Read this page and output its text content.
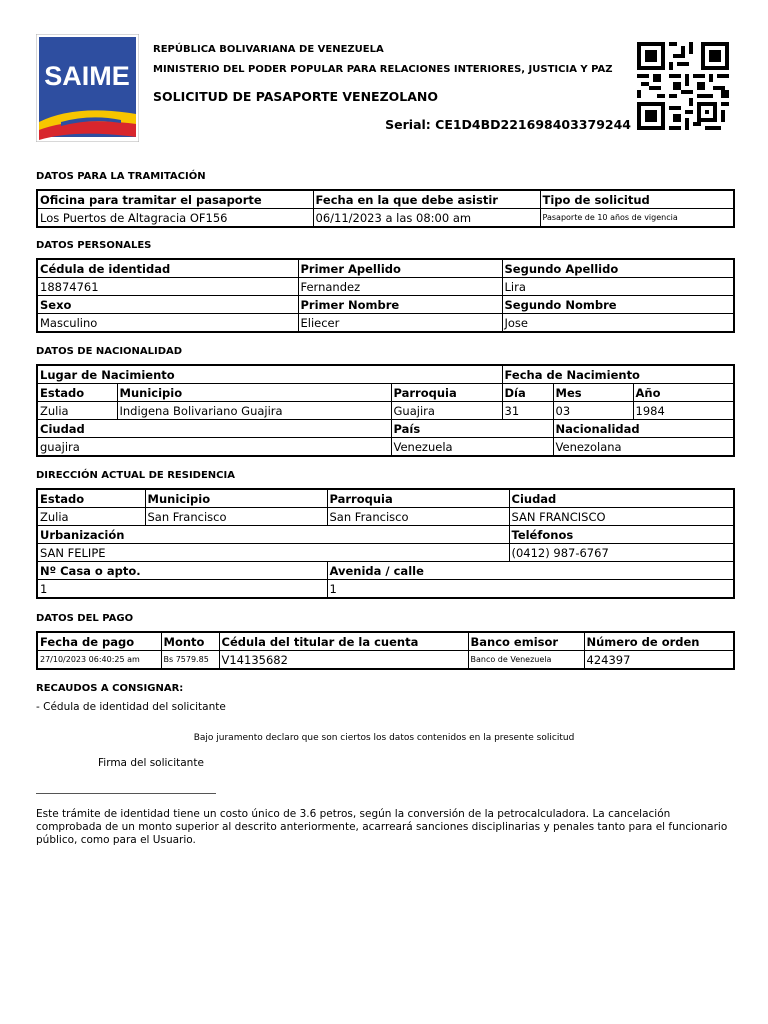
SAIME
REPÚBLICA BOLIVARIANA DE VENEZUELA
MINISTERIO DEL PODER POPULAR PARA RELACIONES INTERIORES, JUSTICIA Y PAZ
SOLICITUD DE PASAPORTE VENEZOLANO
Serial: CE1D4BD221698403379244
DATOS PARA LA TRAMITACIÓN
Oficina para tramitar el pasaporte	Fecha en la que debe asistir	Tipo de solicitud
Los Puertos de Altagracia OF156	06/11/2023 a las 08:00 am	Pasaporte de 10 años de vigencia
DATOS PERSONALES
Cédula de identidad	Primer Apellido	Segundo Apellido
18874761	Fernandez	Lira
Sexo	Primer Nombre	Segundo Nombre
Masculino	Eliecer	Jose
DATOS DE NACIONALIDAD
Lugar de Nacimiento			Fecha de Nacimiento		
Estado	Municipio	Parroquia	Día	Mes	Año
Zulia	Indigena Bolivariano Guajira	Guajira	31	03	1984
Ciudad		País		Nacionalidad	
guajira		Venezuela		Venezolana	
DIRECCIÓN ACTUAL DE RESIDENCIA
Estado	Municipio	Parroquia	Ciudad
Zulia	San Francisco	San Francisco	SAN FRANCISCO
Urbanización			Teléfonos
SAN FELIPE			(0412) 987-6767
Nº Casa o apto.		Avenida / calle	
1		1	
DATOS DEL PAGO
Fecha de pago	Monto	Cédula del titular de la cuenta	Banco emisor	Número de orden
27/10/2023 06:40:25 am	Bs 7579.85	V14135682	Banco de Venezuela	424397
RECAUDOS A CONSIGNAR:
- Cédula de identidad del solicitante
Bajo juramento declaro que son ciertos los datos contenidos en la presente solicitud
Firma del solicitante
Este trámite de identidad tiene un costo único de 3.6 petros, según la conversión de la petrocalculadora. La cancelación comprobada de un monto superior al descrito anteriormente, acarreará sanciones disciplinarias y penales tanto para el funcionario público, como para el Usuario.
